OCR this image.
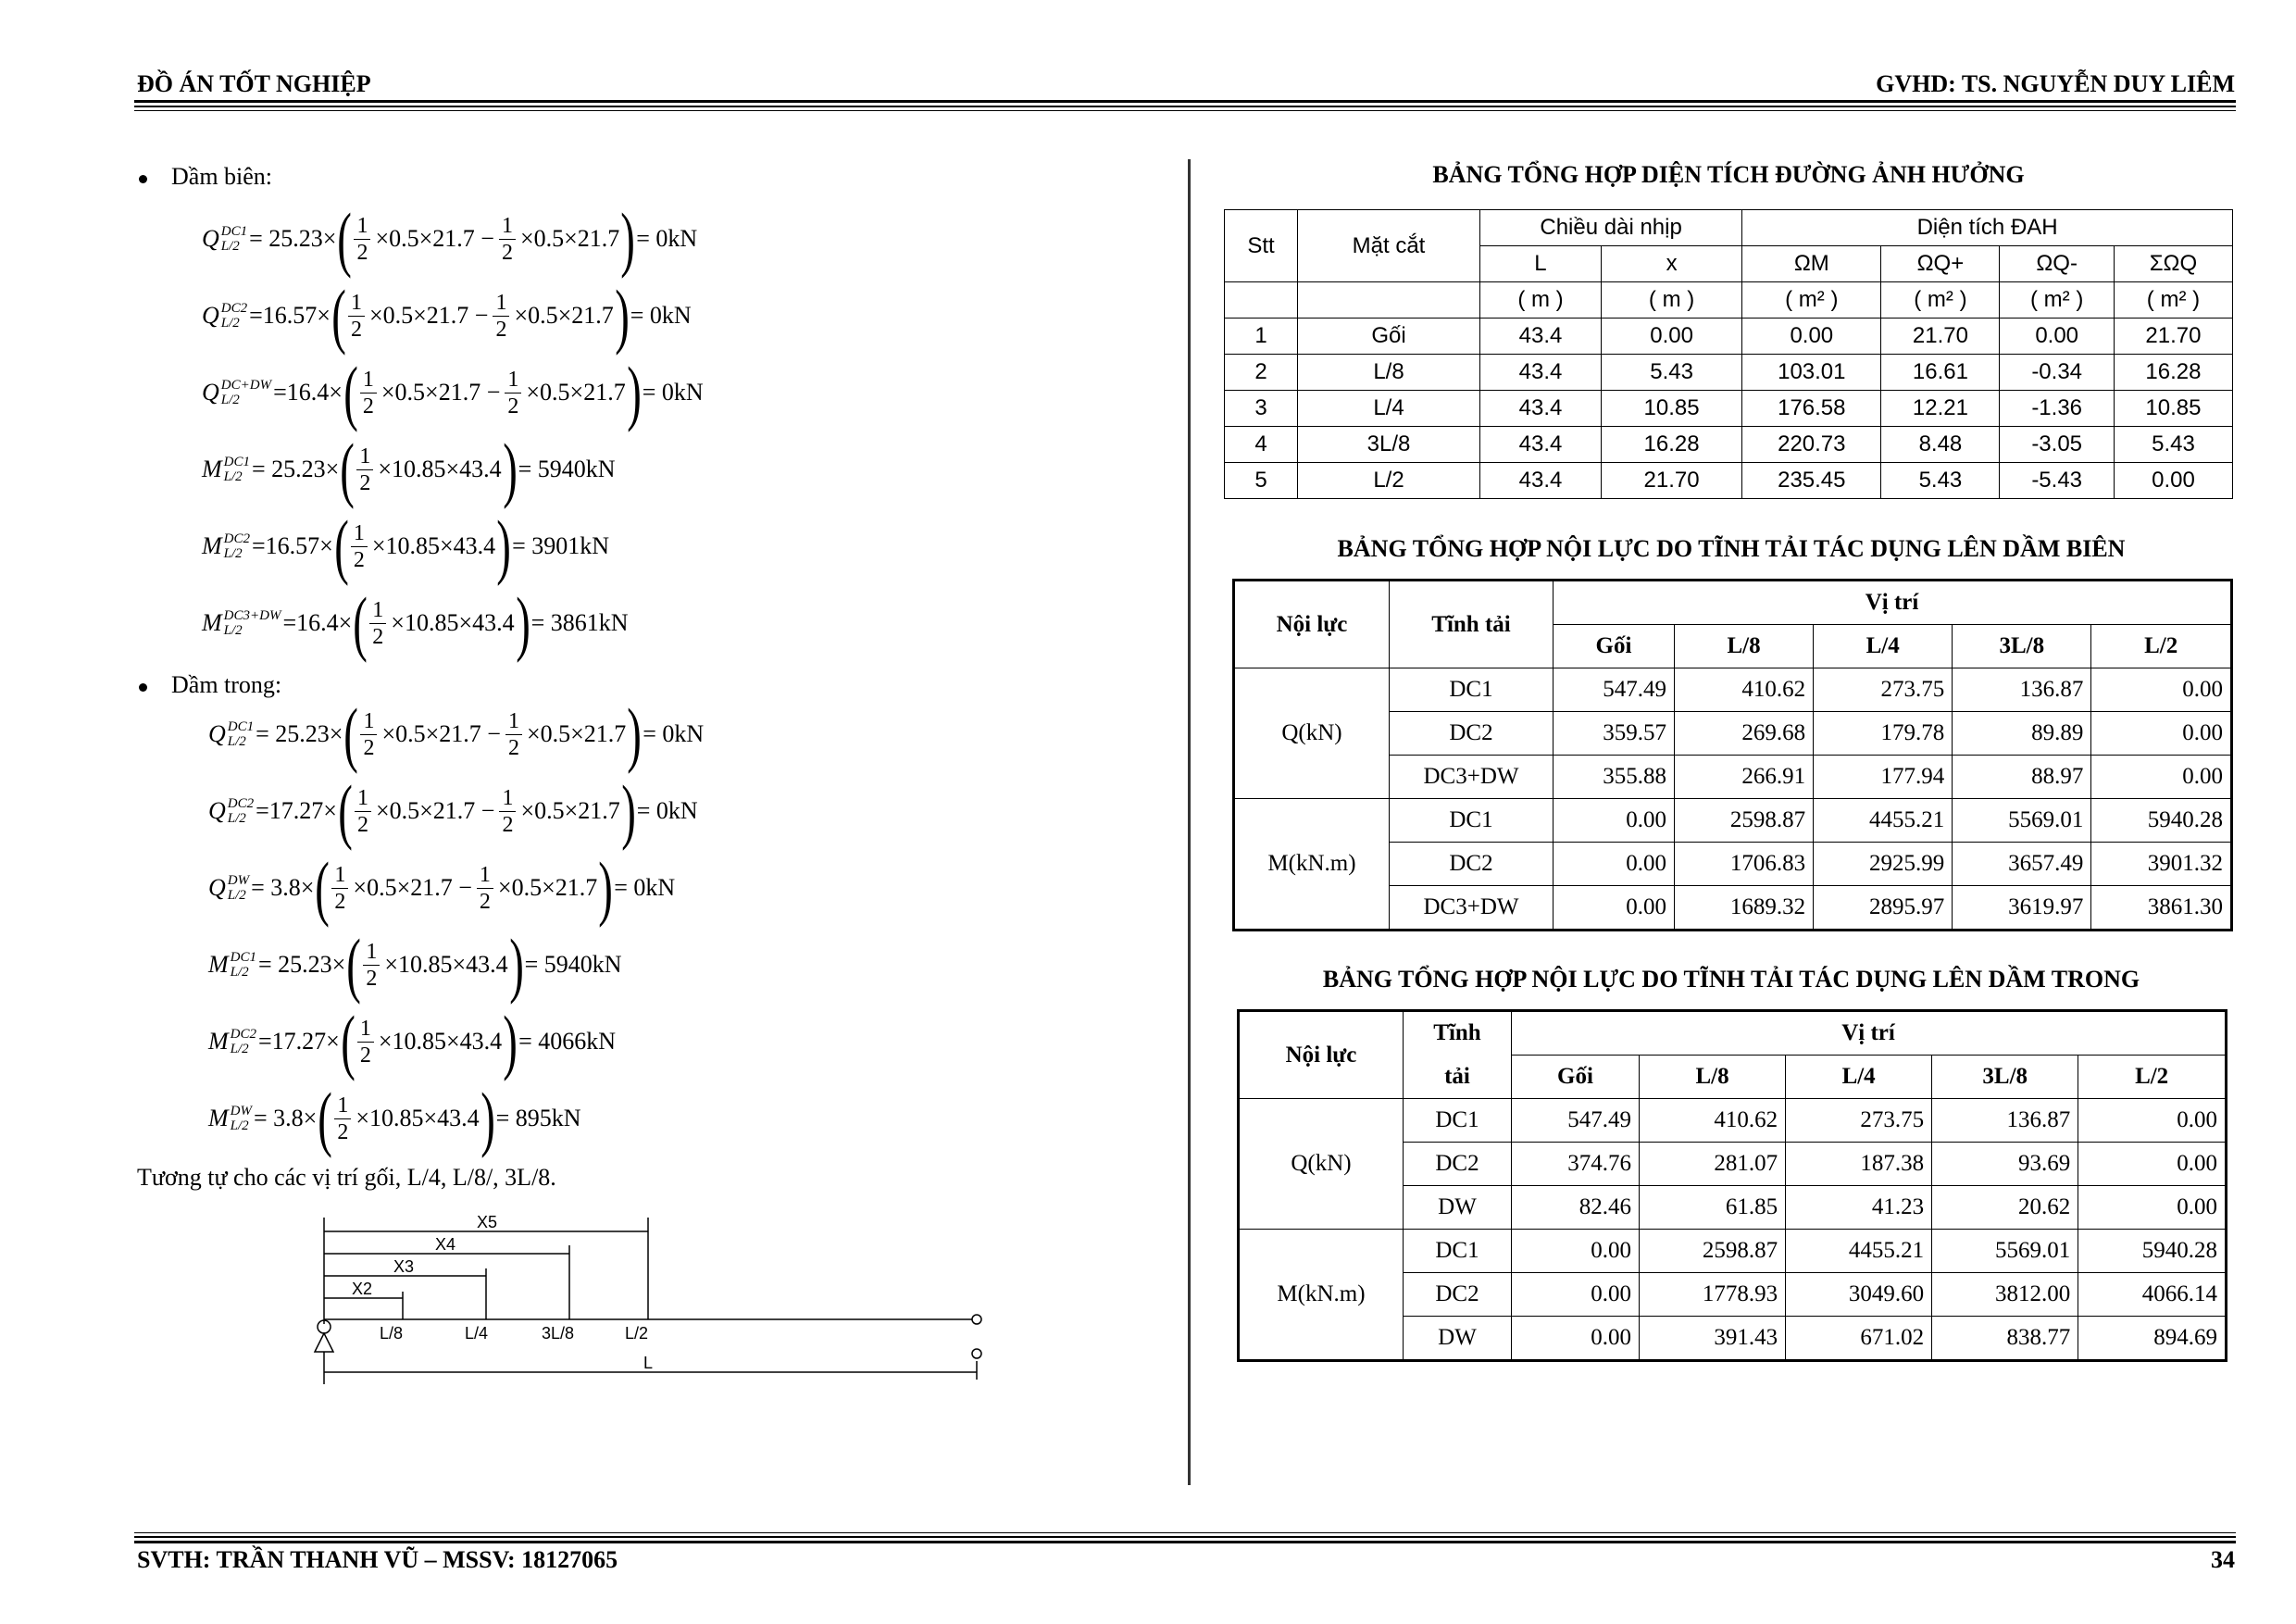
ĐỒ ÁN TỐT NGHIỆP	GVHD: TS. NGUYỄN DUY LIÊM
Dầm biên:
Q DC1
L/2 = 25.23× ( $\frac{1}{2} \times 0.5\times 21.7 - \frac{1}{2} \times 0.5\times 21.7$ ) = 0kN
Q DC2
L/2 =16.57× ( $\frac{1}{2} \times 0.5\times 21.7 - \frac{1}{2} \times 0.5\times 21.7$ ) = 0kN
Q DC+DW
L/2	=16.4× ( $\frac{1}{2} \times 0.5\times 21.7 - \frac{1}{2} \times 0.5\times 21.7$ ) = 0kN
M DC1
L/2 = 25.23× ( $\frac{1}{2} \times 10.85\times 43.4$ ) = 5940kN
M DC2
L/2 =16.57× ( $\frac{1}{2} \times 10.85\times 43.4$ ) = 3901kN
M DC3+DW
L/2	=16.4× ( $\frac{1}{2} \times 10.85\times 43.4$ ) = 3861kN
Dầm trong:
Q DC1
L/2 = 25.23× ( $\frac{1}{2} \times 0.5\times 21.7 - \frac{1}{2} \times 0.5\times 21.7$ ) = 0kN
Q DC2
L/2 =17.27× ( $\frac{1}{2} \times 0.5\times 21.7 - \frac{1}{2} \times 0.5\times 21.7$ ) = 0kN
Q DW
L/2 = 3.8× ( $\frac{1}{2} \times 0.5\times 21.7 - \frac{1}{2} \times 0.5\times 21.7$ ) = 0kN
M DC1
L/2 = 25.23× ( $\frac{1}{2} \times 10.85\times 43.4$ ) = 5940kN
M DC2
L/2 =17.27× ( $\frac{1}{2} \times 10.85\times 43.4$ ) = 4066kN
M DW
L/2 = 3.8× ( $\frac{1}{2} \times 10.85\times 43.4$ ) = 895kN
Tương tự cho các vị trí gối, L/4, L/8/, 3L/8.
X5
X4
X3
X2
L/8	L/4	3L/8	L/2
L
BẢNG TỔNG HỢP DIỆN TÍCH ĐƯỜNG ẢNH HƯỞNG
Stt	Mặt cắt	Chiều dài nhịp		Diện tích ĐAH			
		L	x	ΩM	ΩQ+	ΩQ-	ΣΩQ
		( m )	( m )	( m² )	( m² )	( m² )	( m² )
1	Gối	43.4	0.00	0.00	21.70	0.00	21.70
2	L/8	43.4	5.43	103.01	16.61	-0.34	16.28
3	L/4	43.4	10.85	176.58	12.21	-1.36	10.85
4	3L/8	43.4	16.28	220.73	8.48	-3.05	5.43
5	L/2	43.4	21.70	235.45	5.43	-5.43	0.00
BẢNG TỔNG HỢP NỘI LỰC DO TĨNH TẢI TÁC DỤNG LÊN DẦM BIÊN
Nội lực	Tĩnh tải	Vị trí				
		Gối	L/8	L/4	3L/8	L/2
Q(kN)	DC1	547.49	410.62	273.75	136.87	0.00
	DC2	359.57	269.68	179.78	89.89	0.00
	DC3+DW	355.88	266.91	177.94	88.97	0.00
M(kN.m)	DC1	0.00	2598.87	4455.21	5569.01	5940.28
	DC2	0.00	1706.83	2925.99	3657.49	3901.32
	DC3+DW	0.00	1689.32	2895.97	3619.97	3861.30
BẢNG TỔNG HỢP NỘI LỰC DO TĨNH TẢI TÁC DỤNG LÊN DẦM TRONG
Nội lực	Tĩnh	Vị trí				
	tải	Gối	L/8	L/4	3L/8	L/2
Q(kN)	DC1	547.49	410.62	273.75	136.87	0.00
	DC2	374.76	281.07	187.38	93.69	0.00
	DW	82.46	61.85	41.23	20.62	0.00
M(kN.m)	DC1	0.00	2598.87	4455.21	5569.01	5940.28
	DC2	0.00	1778.93	3049.60	3812.00	4066.14
	DW	0.00	391.43	671.02	838.77	894.69
SVTH: TRẦN THANH VŨ – MSSV: 18127065	34
